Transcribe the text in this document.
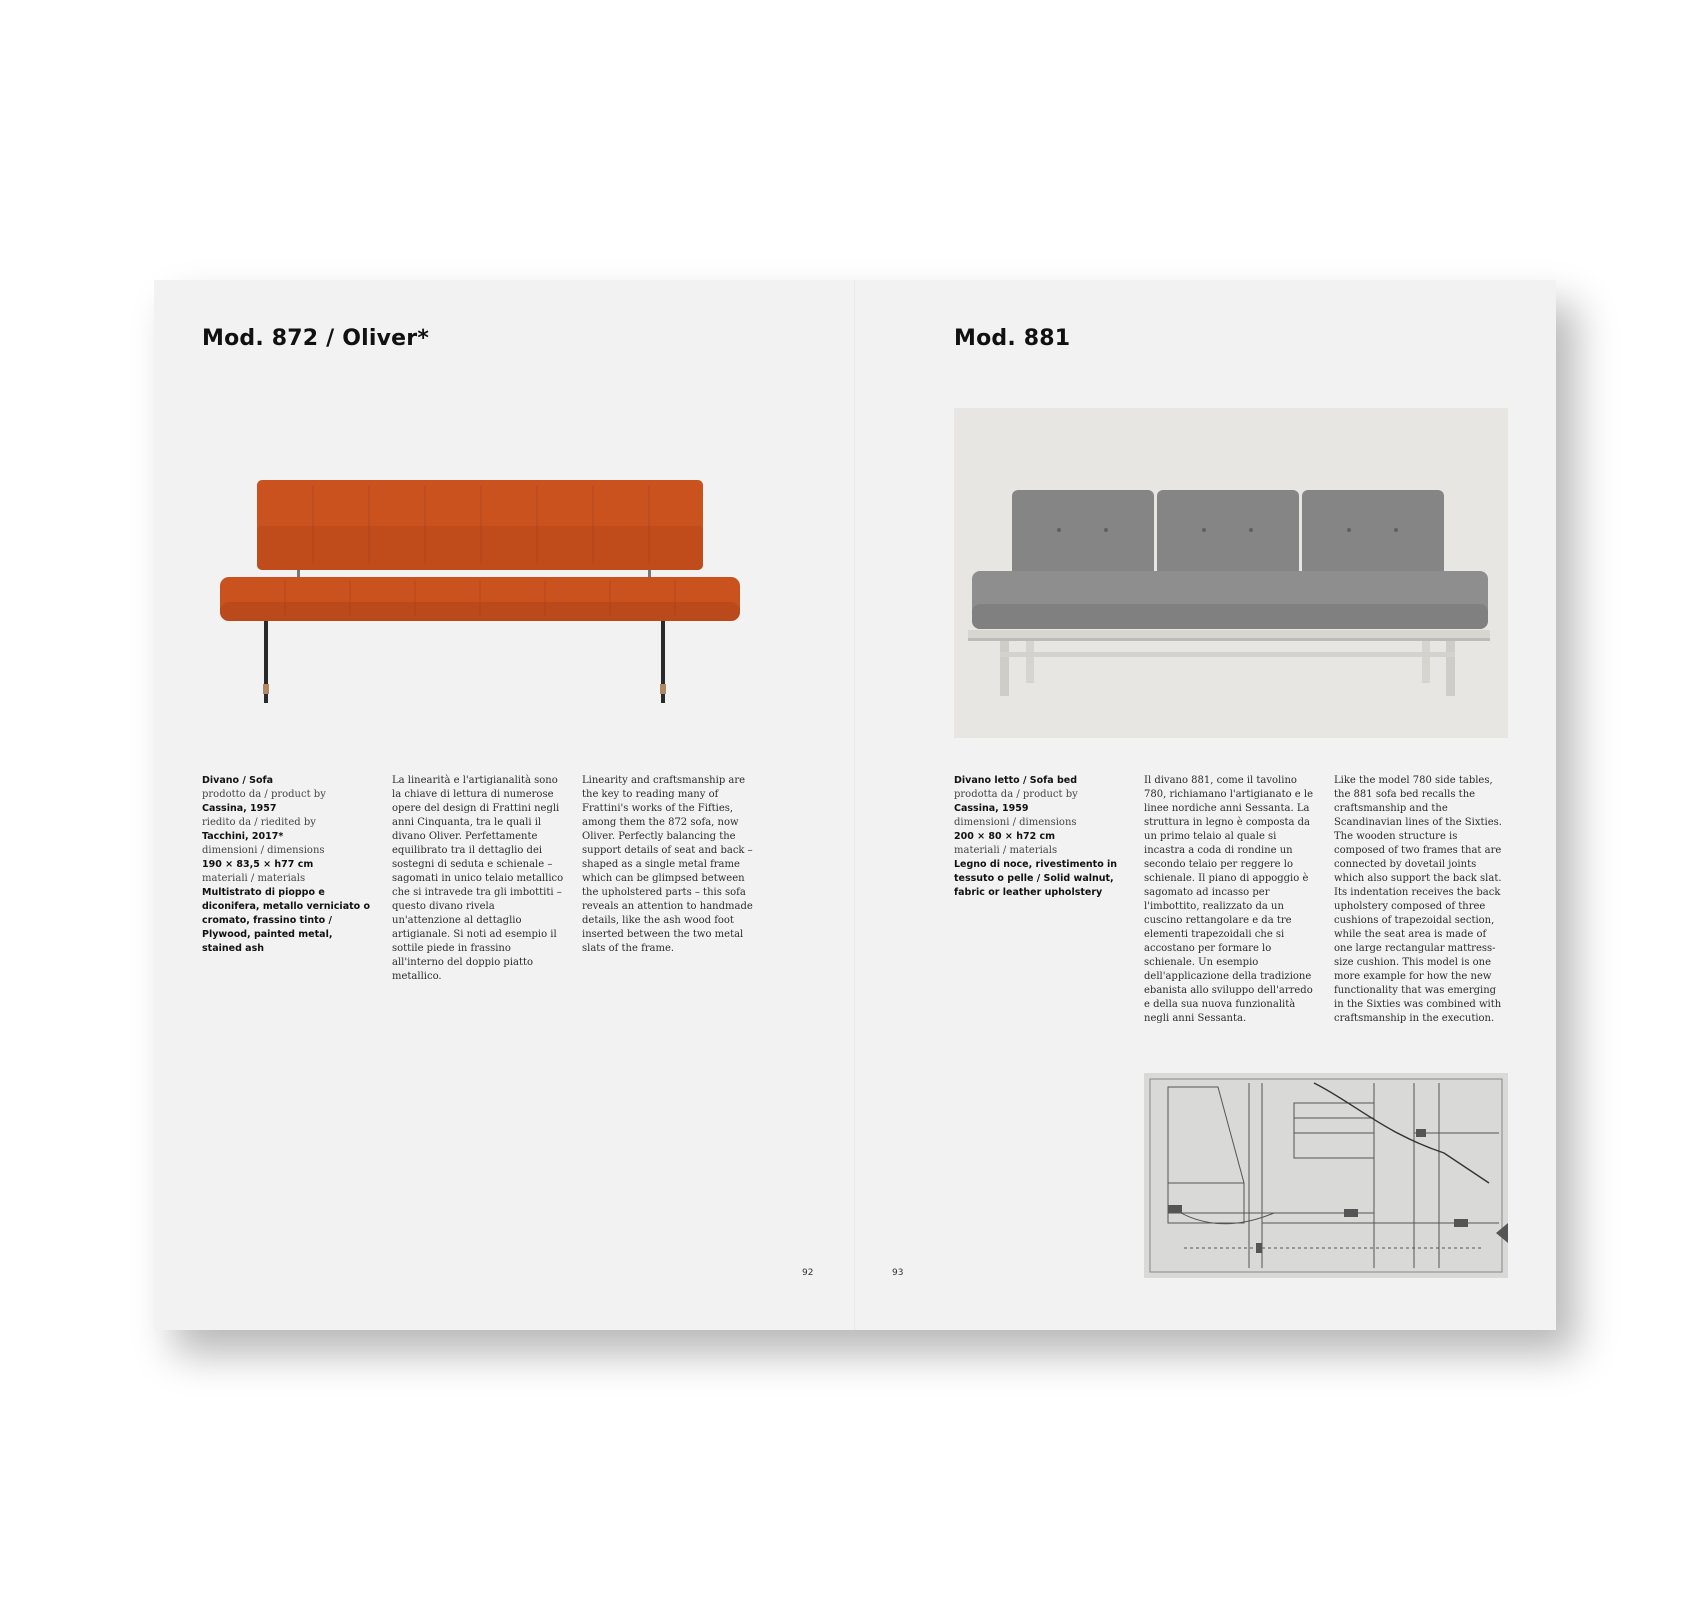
Mod. 872 / Oliver*
Divano / Sofa
prodotto da / product by
Cassina, 1957
riedito da / riedited by
Tacchini, 2017*
dimensioni / dimensions
190 × 83,5 × h77 cm
materiali / materials
Multistrato di pioppo e diconifera, metallo verniciato o cromato, frassino tinto / Plywood, painted metal, stained ash

La linearità e l'artigianalità sono la chiave di lettura di numerose opere del design di Frattini negli anni Cinquanta, tra le quali il divano Oliver. Perfettamente equilibrato tra il dettaglio dei sostegni di seduta e schienale – sagomati in unico telaio metallico che si intravede tra gli imbottiti – questo divano rivela un'attenzione al dettaglio artigianale. Si noti ad esempio il sottile piede in frassino all'interno del doppio piatto metallico.

Linearity and craftsmanship are the key to reading many of Frattini's works of the Fifties, among them the 872 sofa, now Oliver. Perfectly balancing the support details of seat and back – shaped as a single metal frame which can be glimpsed between the upholstered parts – this sofa reveals an attention to handmade details, like the ash wood foot inserted between the two metal slats of the frame.

92
Mod. 881
Divano letto / Sofa bed
prodotta da / product by
Cassina, 1959
dimensioni / dimensions
200 × 80 × h72 cm
materiali / materials
Legno di noce, rivestimento in tessuto o pelle / Solid walnut, fabric or leather upholstery

Il divano 881, come il tavolino 780, richiamano l'artigianato e le linee nordiche anni Sessanta. La struttura in legno è composta da un primo telaio al quale si incastra a coda di rondine un secondo telaio per reggere lo schienale. Il piano di appoggio è sagomato ad incasso per l'imbottito, realizzato da un cuscino rettangolare e da tre elementi trapezoidali che si accostano per formare lo schienale. Un esempio dell'applicazione della tradizione ebanista allo sviluppo dell'arredo e della sua nuova funzionalità negli anni Sessanta.

Like the model 780 side tables, the 881 sofa bed recalls the craftsmanship and the Scandinavian lines of the Sixties. The wooden structure is composed of two frames that are connected by dovetail joints which also support the back slat. Its indentation receives the back upholstery composed of three cushions of trapezoidal section, while the seat area is made of one large rectangular mattress-size cushion. This model is one more example for how the new functionality that was emerging in the Sixties was combined with craftsmanship in the execution.

93
